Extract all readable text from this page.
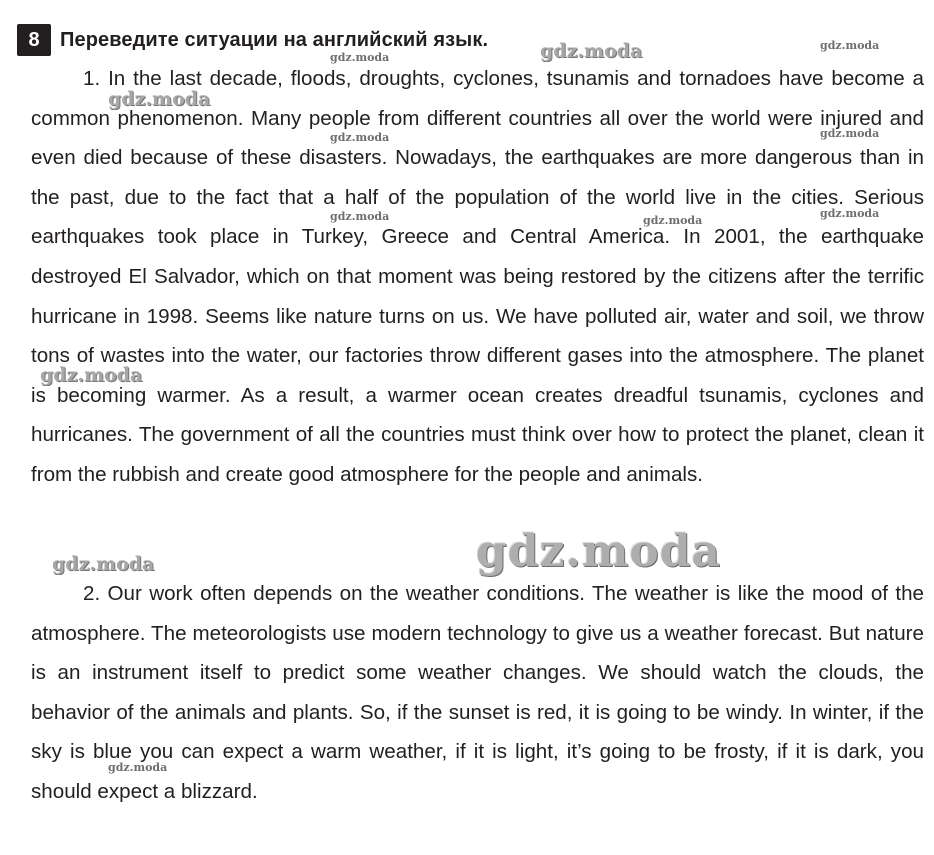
8	Переведите ситуации на английский язык.

1. In the last decade, floods, droughts, cyclones, tsunamis and tornadoes have become a common phenomenon. Many people from different countries all over the world were injured and even died because of these disasters. Nowadays, the earthquakes are more dangerous than in the past, due to the fact that a half of the population of the world live in the cities. Serious earthquakes took place in Turkey, Greece and Central America. In 2001, the earthquake destroyed El Salvador, which on that moment was being restored by the citizens after the terrific hurricane in 1998. Seems like nature turns on us. We have polluted air, water and soil, we throw tons of wastes into the water, our factories throw different gases into the atmosphere. The planet is becoming warmer. As a result, a warmer ocean creates dreadful tsunamis, cyclones and hurricanes. The government of all the countries must think over how to protect the planet, clean it from the rubbish and create good atmosphere for the people and animals.

2. Our work often depends on the weather conditions. The weather is like the mood of the atmosphere. The meteorologists use modern technology to give us a weather forecast. But nature is an instrument itself to predict some weather changes. We should watch the clouds, the behavior of the animals and plants. So, if the sunset is red, it is going to be windy. In winter, if the sky is blue you can expect a warm weather, if it is light, it’s going to be frosty, if it is dark, you should expect a blizzard.

gdz.moda	gdz.moda	gdz.moda
gdz.moda
gdz.moda	gdz.moda
gdz.moda	gdz.moda
gdz.moda
gdz.moda
gdz.moda	gdz.moda
gdz.moda
